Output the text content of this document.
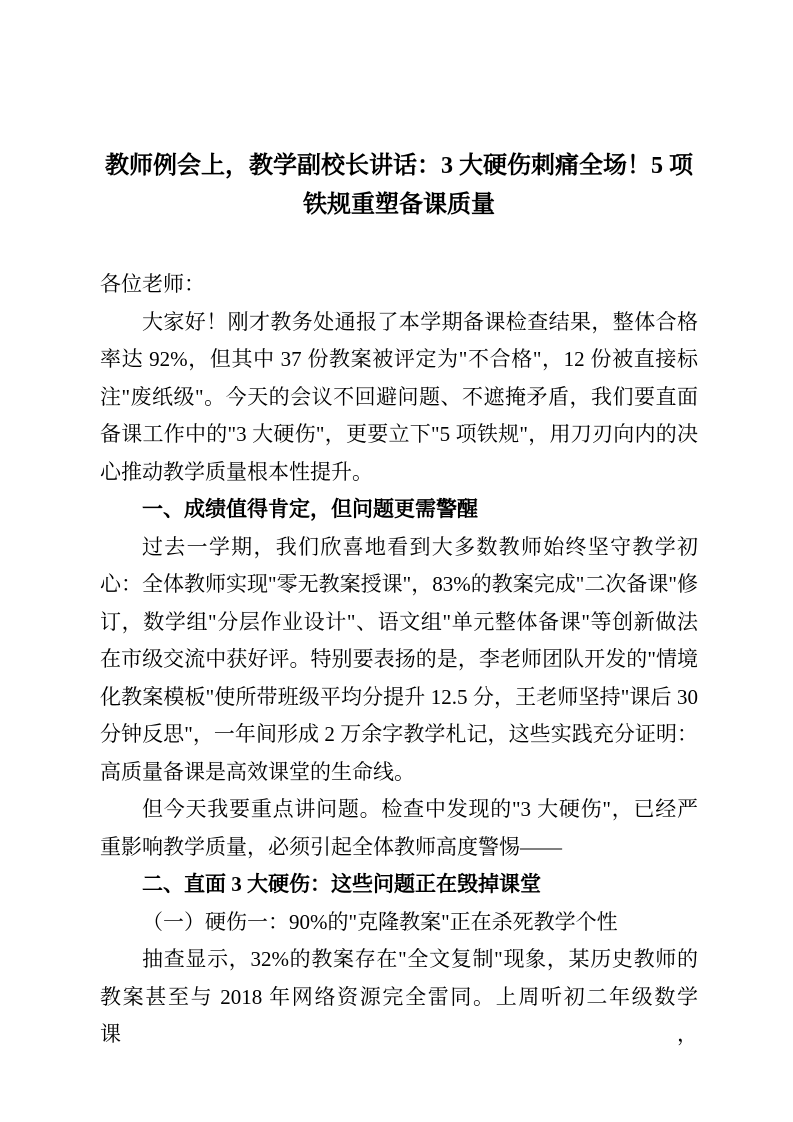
教师例会上，教学副校长讲话：3 大硬伤刺痛全场！5 项铁规重塑备课质量

各位老师：

大家好！刚才教务处通报了本学期备课检查结果，整体合格率达 92%，但其中 37 份教案被评定为"不合格"，12 份被直接标注"废纸级"。今天的会议不回避问题、不遮掩矛盾，我们要直面备课工作中的"3 大硬伤"，更要立下"5 项铁规"，用刀刃向内的决心推动教学质量根本性提升。

一、成绩值得肯定，但问题更需警醒

过去一学期，我们欣喜地看到大多数教师始终坚守教学初心：全体教师实现"零无教案授课"，83%的教案完成"二次备课"修订，数学组"分层作业设计"、语文组"单元整体备课"等创新做法在市级交流中获好评。特别要表扬的是，李老师团队开发的"情境化教案模板"使所带班级平均分提升 12.5 分，王老师坚持"课后 30 分钟反思"，一年间形成 2 万余字教学札记，这些实践充分证明：高质量备课是高效课堂的生命线。

但今天我要重点讲问题。检查中发现的"3 大硬伤"，已经严重影响教学质量，必须引起全体教师高度警惕——

二、直面 3 大硬伤：这些问题正在毁掉课堂

（一）硬伤一：90%的"克隆教案"正在杀死教学个性

抽查显示，32%的教案存在"全文复制"现象，某历史教师的教案甚至与 2018 年网络资源完全雷同。上周听初二年级数学课，
